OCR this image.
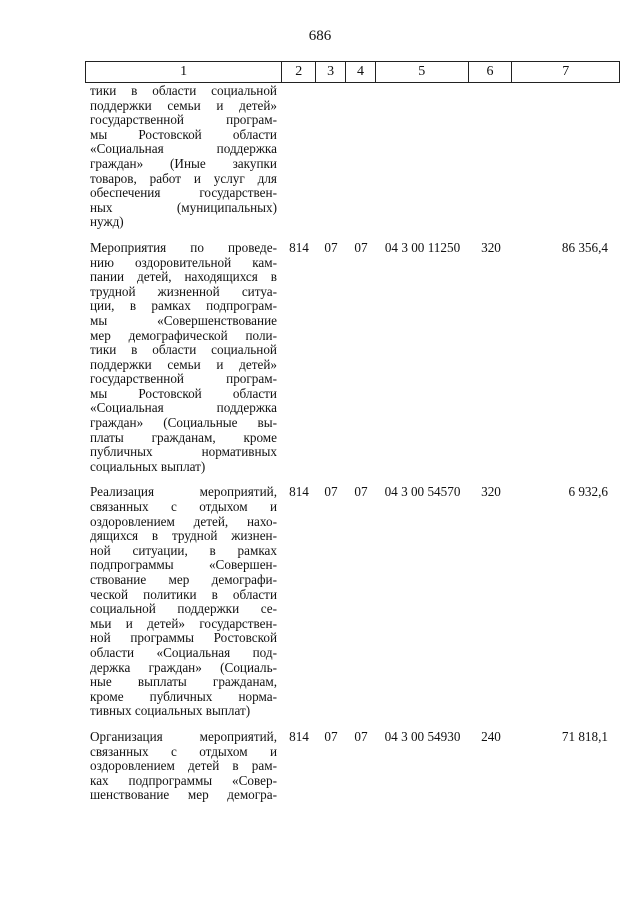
686
1	2	3	4	5	6	7
тики в области социальной
поддержки семьи и детей»
государственной програм-
мы Ростовской области
«Социальная поддержка
граждан» (Иные закупки
товаров, работ и услуг для
обеспечения государствен-
ных (муниципальных)
нужд)
Мероприятия по проведе-
нию оздоровительной кам-
пании детей, находящихся в
трудной жизненной ситуа-
ции, в рамках подпрограм-
мы «Совершенствование
мер демографической поли-
тики в области социальной
поддержки семьи и детей»
государственной програм-
мы Ростовской области
«Социальная поддержка
граждан» (Социальные вы-
платы гражданам, кроме
публичных нормативных
социальных выплат)
814	07	07	04 3 00 11250	320	86 356,4
Реализация мероприятий,
связанных с отдыхом и
оздоровлением детей, нахо-
дящихся в трудной жизнен-
ной ситуации, в рамках
подпрограммы «Совершен-
ствование мер демографи-
ческой политики в области
социальной поддержки се-
мьи и детей» государствен-
ной программы Ростовской
области «Социальная под-
держка граждан» (Социаль-
ные выплаты гражданам,
кроме публичных норма-
тивных социальных выплат)
814	07	07	04 3 00 54570	320	6 932,6
Организация мероприятий,
связанных с отдыхом и
оздоровлением детей в рам-
ках подпрограммы «Совер-
шенствование мер демогра-
814	07	07	04 3 00 54930	240	71 818,1
